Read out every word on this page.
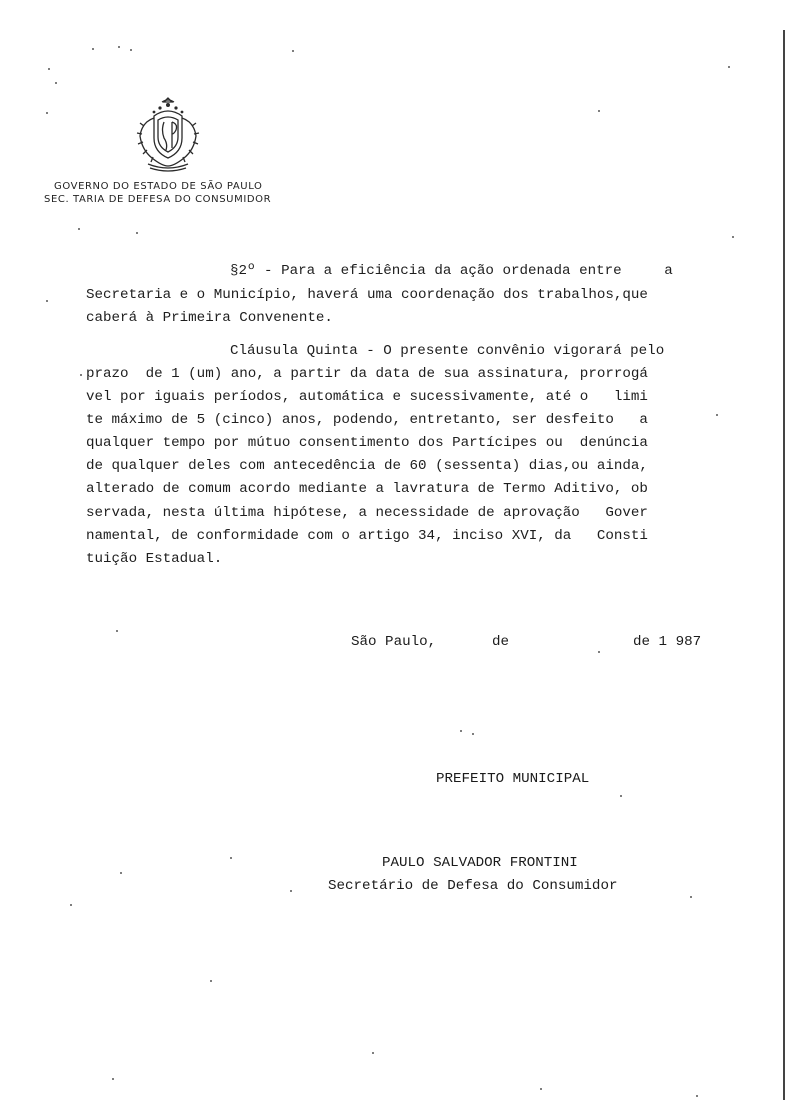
GOVERNO DO ESTADO DE SÃO PAULO
SEC. TARIA DE DEFESA DO CONSUMIDOR
§2º - Para a eficiência da ação ordenada entre     a
Secretaria e o Município, haverá uma coordenação dos trabalhos,que
caberá à Primeira Convenente.
Cláusula Quinta - O presente convênio vigorará pelo
prazo  de 1 (um) ano, a partir da data de sua assinatura, prorrogá
vel por iguais períodos, automática e sucessivamente, até o   limi
te máximo de 5 (cinco) anos, podendo, entretanto, ser desfeito   a
qualquer tempo por mútuo consentimento dos Partícipes ou  denúncia
de qualquer deles com antecedência de 60 (sessenta) dias,ou ainda,
alterado de comum acordo mediante a lavratura de Termo Aditivo, ob
servada, nesta última hipótese, a necessidade de aprovação   Gover
namental, de conformidade com o artigo 34, inciso XVI, da   Consti
tuição Estadual.

São Paulo,

	de

	de 1 987

PREFEITO MUNICIPAL
PAULO SALVADOR FRONTINI
Secretário de Defesa do Consumidor
